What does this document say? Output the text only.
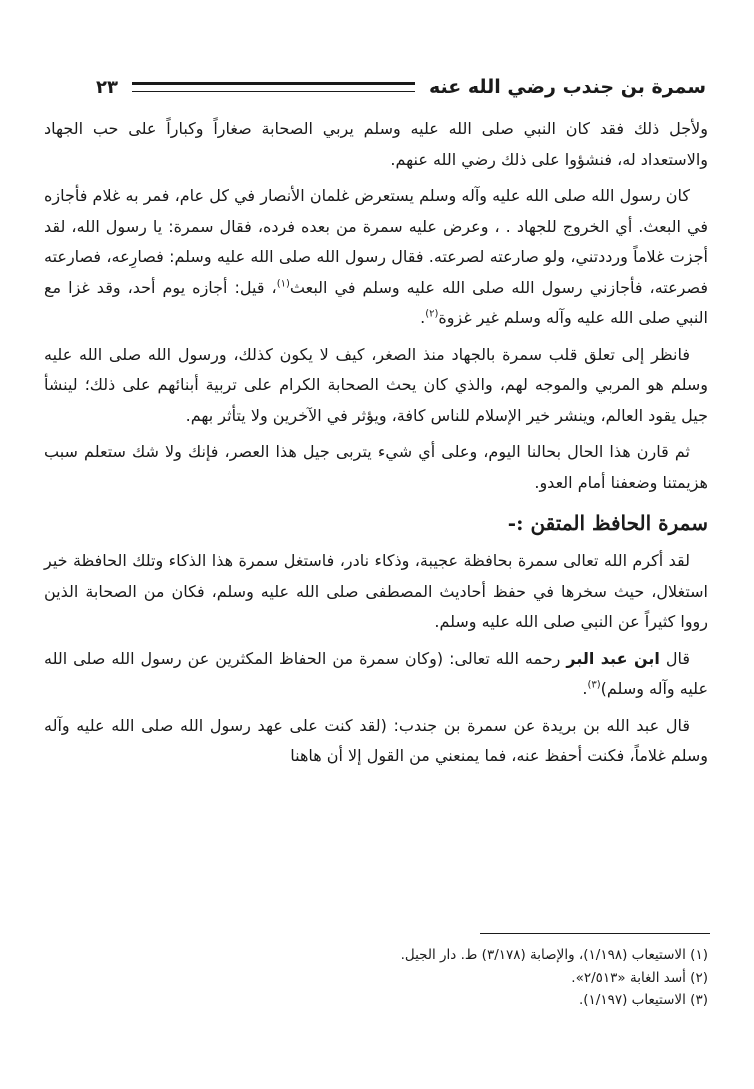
٢٣	سمرة بن جندب رضي الله عنه

ولأجل ذلك فقد كان النبي صلى الله عليه وسلم يربي الصحابة صغاراً وكباراً على حب الجهاد والاستعداد له، فنشؤوا على ذلك رضي الله عنهم.

كان رسول الله صلى الله عليه وآله وسلم يستعرض غلمان الأنصار في كل عام، فمر به غلام فأجازه في البعث. أي الخروج للجهاد . ، وعرض عليه سمرة من بعده فرده، فقال سمرة: يا رسول الله، لقد أجزت غلاماً ورددتني، ولو صارعته لصرعته. فقال رسول الله صلى الله عليه وسلم: فصارِعه، فصارعته فصرعته، فأجازني رسول الله صلى الله عليه وسلم في البعث$^{(١)}$، قيل: أجازه يوم أحد، وقد غزا مع النبي صلى الله عليه وآله وسلم غير غزوة$^{(٢)}$.

فانظر إلى تعلق قلب سمرة بالجهاد منذ الصغر، كيف لا يكون كذلك، ورسول الله صلى الله عليه وسلم هو المربي والموجه لهم، والذي كان يحث الصحابة الكرام على تربية أبنائهم على ذلك؛ لينشأ جيل يقود العالم، وينشر خير الإسلام للناس كافة، ويؤثر في الآخرين ولا يتأثر بهم.

ثم قارن هذا الحال بحالنا اليوم، وعلى أي شيء يتربى جيل هذا العصر، فإنك ولا شك ستعلم سبب هزيمتنا وضعفنا أمام العدو.

سمرة الحافظ المتقن :-

لقد أكرم الله تعالى سمرة بحافظة عجيبة، وذكاء نادر، فاستغل سمرة هذا الذكاء وتلك الحافظة خير استغلال، حيث سخرها في حفظ أحاديث المصطفى صلى الله عليه وسلم، فكان من الصحابة الذين رووا كثيراً عن النبي صلى الله عليه وسلم.

قال ابن عبد البر رحمه الله تعالى: (وكان سمرة من الحفاظ المكثرين عن رسول الله صلى الله عليه وآله وسلم)$^{(٣)}$.

قال عبد الله بن بريدة عن سمرة بن جندب: (لقد كنت على عهد رسول الله صلى الله عليه وآله وسلم غلاماً، فكنت أحفظ عنه، فما يمنعني من القول إلا أن هاهنا

(١) الاستيعاب (١/١٩٨)، والإصابة (٣/١٧٨) ط. دار الجيل.
(٢) أسد الغابة «٢/٥١٣».
(٣) الاستيعاب (١/١٩٧).
